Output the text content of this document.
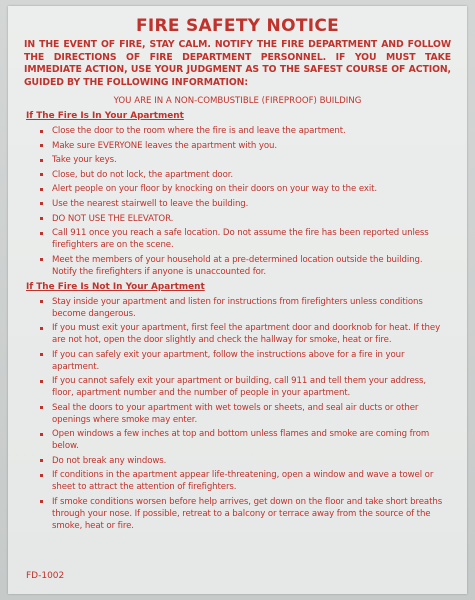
FIRE SAFETY NOTICE
IN THE EVENT OF FIRE, STAY CALM. NOTIFY THE FIRE DEPARTMENT AND FOLLOW THE DIRECTIONS OF FIRE DEPARTMENT PERSONNEL. IF YOU MUST TAKE IMMEDIATE ACTION, USE YOUR JUDGMENT AS TO THE SAFEST COURSE OF ACTION, GUIDED BY THE FOLLOWING INFORMATION:
YOU ARE IN A NON-COMBUSTIBLE (FIREPROOF) BUILDING
If The Fire Is In Your Apartment
Close the door to the room where the fire is and leave the apartment.
Make sure EVERYONE leaves the apartment with you.
Take your keys.
Close, but do not lock, the apartment door.
Alert people on your floor by knocking on their doors on your way to the exit.
Use the nearest stairwell to leave the building.
DO NOT USE THE ELEVATOR.
Call 911 once you reach a safe location. Do not assume the fire has been reported unless firefighters are on the scene.
Meet the members of your household at a pre-determined location outside the building. Notify the firefighters if anyone is unaccounted for.
If The Fire Is Not In Your Apartment
Stay inside your apartment and listen for instructions from firefighters unless conditions become dangerous.
If you must exit your apartment, first feel the apartment door and doorknob for heat. If they are not hot, open the door slightly and check the hallway for smoke, heat or fire.
If you can safely exit your apartment, follow the instructions above for a fire in your apartment.
If you cannot safely exit your apartment or building, call 911 and tell them your address, floor, apartment number and the number of people in your apartment.
Seal the doors to your apartment with wet towels or sheets, and seal air ducts or other openings where smoke may enter.
Open windows a few inches at top and bottom unless flames and smoke are coming from below.
Do not break any windows.
If conditions in the apartment appear life-threatening, open a window and wave a towel or sheet to attract the attention of firefighters.
If smoke conditions worsen before help arrives, get down on the floor and take short breaths through your nose. If possible, retreat to a balcony or terrace away from the source of the smoke, heat or fire.
FD-1002
